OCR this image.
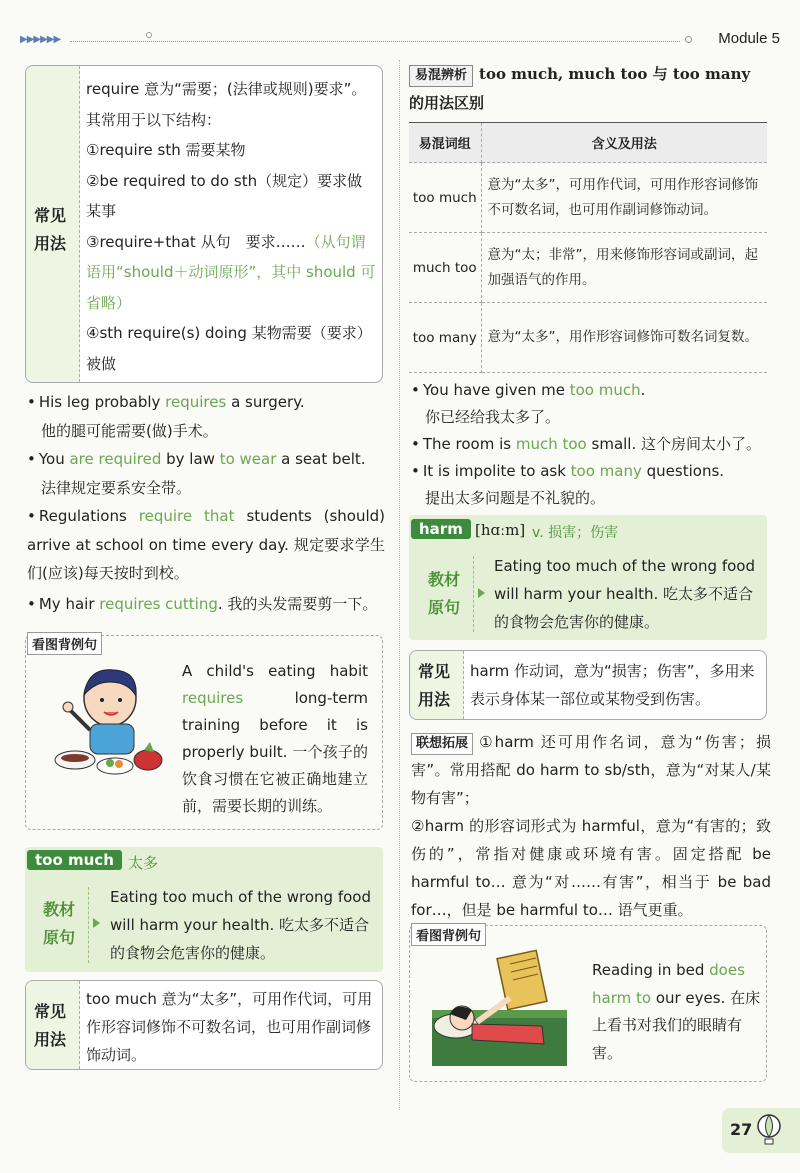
▶▶▶▶▶▶	Module 5
常见用法
require 意为“需要；(法律或规则)要求”。其常用于以下结构：
①require sth 需要某物
②be required to do sth（规定）要求做某事
③require+that 从句　要求……（从句谓语用“should＋动词原形”，其中 should 可省略）
④sth require(s) doing 某物需要（要求）被做
• His leg probably requires a surgery.
他的腿可能需要(做)手术。
• You are required by law to wear a seat belt.
法律规定要系安全带。
• Regulations require that students (should) arrive at school on time every day. 规定要求学生们(应该)每天按时到校。
• My hair requires cutting. 我的头发需要剪一下。
看图背例句
A child's eating habit requires long-term training before it is properly built. 一个孩子的饮食习惯在它被正确地建立前，需要长期的训练。
too much 太多
教材原句
Eating too much of the wrong food will harm your health. 吃太多不适合的食物会危害你的健康。
常见用法
too much 意为“太多”，可用作代词，可用作形容词修饰不可数名词，也可用作副词修饰动词。
易混辨析 too much, much too 与 too many 的用法区别
易混词组	含义及用法
too much	意为“太多”，可用作代词，可用作形容词修饰不可数名词，也可用作副词修饰动词。
much too	意为“太；非常”，用来修饰形容词或副词，起加强语气的作用。
too many	意为“太多”，用作形容词修饰可数名词复数。
• You have given me too much.
你已经给我太多了。
• The room is much too small. 这个房间太小了。
• It is impolite to ask too many questions.
提出太多问题是不礼貌的。
harm [hɑːm] v. 损害；伤害
教材原句
Eating too much of the wrong food will harm your health. 吃太多不适合的食物会危害你的健康。
常见用法
harm 作动词，意为“损害；伤害”，多用来表示身体某一部位或某物受到伤害。
联想拓展 ①harm 还可用作名词，意为“伤害；损害”。常用搭配 do harm to sb/sth，意为“对某人/某物有害”；
②harm 的形容词形式为 harmful，意为“有害的；致伤的”，常指对健康或环境有害。固定搭配 be harmful to… 意为“对……有害”，相当于 be bad for…，但是 be harmful to… 语气更重。
看图背例句
Reading in bed does harm to our eyes. 在床上看书对我们的眼睛有害。
27
